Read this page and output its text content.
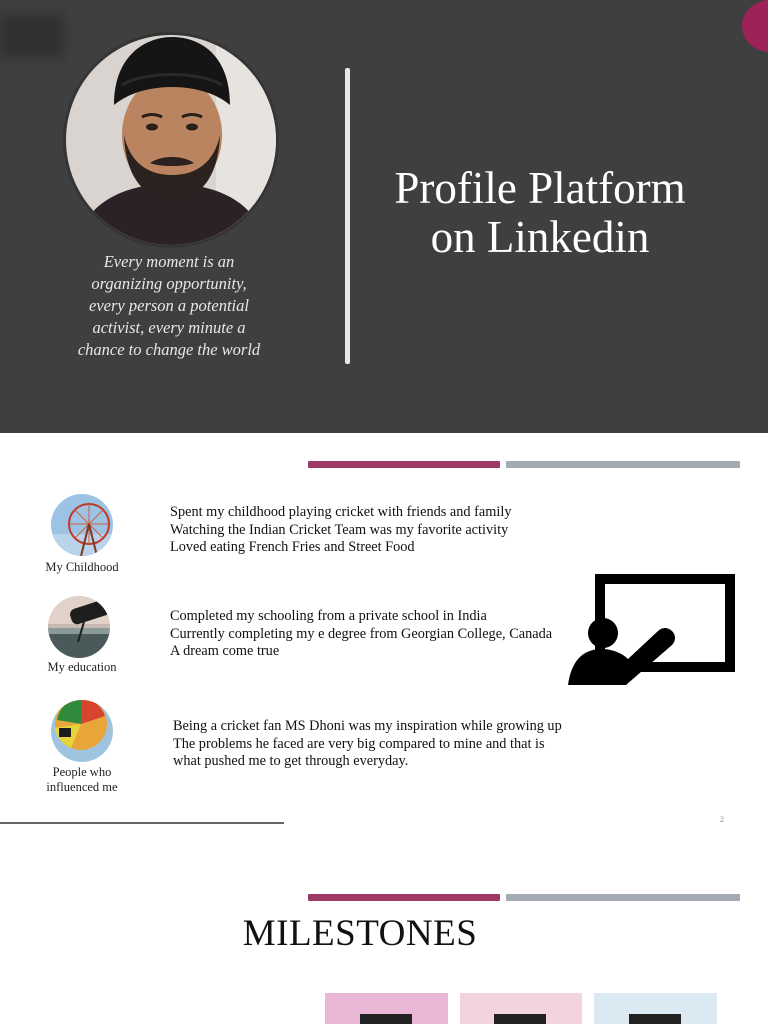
Every moment is an
organizing opportunity,
every person a potential
activist, every minute a
chance to change the world

Profile Platform
on Linkedin
My Childhood

Spent my childhood playing cricket with friends and family
Watching the Indian Cricket Team was my favorite activity
Loved eating French Fries and Street Food

My education

Completed my schooling from a private school in India
Currently completing my e degree from Georgian College, Canada
A dream come true

People who
influenced me

Being a cricket fan MS Dhoni was my inspiration while growing up
The problems he faced are very big compared to mine and that is
what pushed me to get through everyday.

2
MILESTONES
